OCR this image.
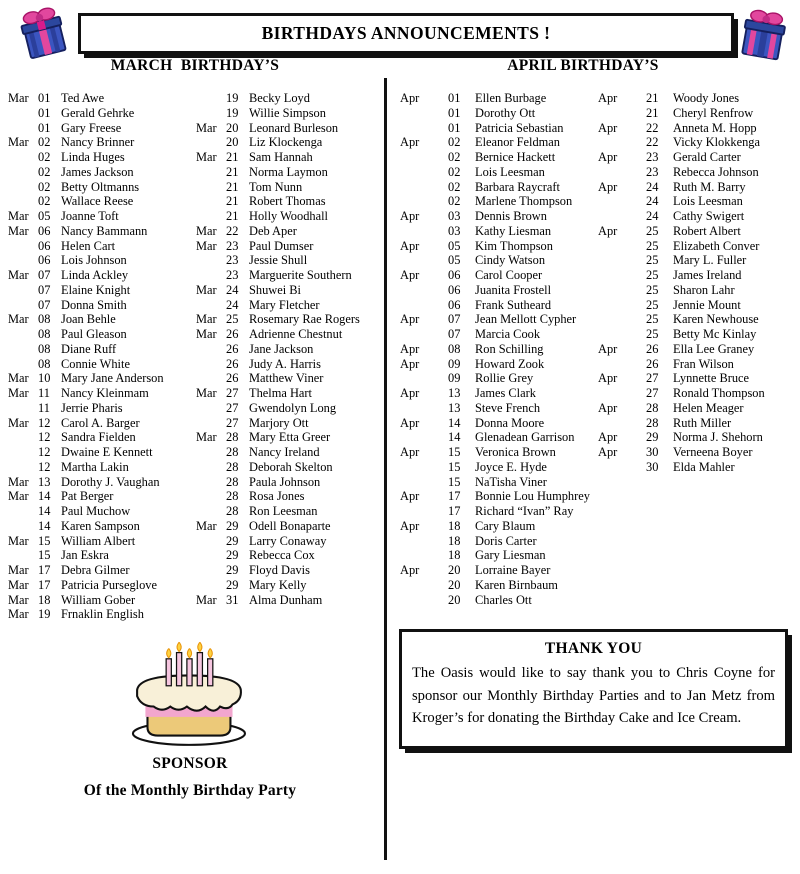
BIRTHDAYS ANNOUNCEMENTS !
MARCH  BIRTHDAY’S	APRIL BIRTHDAY’S
Mar 01 Ted Awe
01 Gerald Gehrke
01 Gary Freese
Mar 02 Nancy Brinner
02 Linda Huges
02 James Jackson
02 Betty Oltmanns
02 Wallace Reese
Mar 05 Joanne Toft
Mar 06 Nancy Bammann
06 Helen Cart
06 Lois Johnson
Mar 07 Linda Ackley
07 Elaine Knight
07 Donna Smith
Mar 08 Joan Behle
08 Paul Gleason
08 Diane Ruff
08 Connie White
Mar 10 Mary Jane Anderson
Mar 11 Nancy Kleinmam
11 Jerrie Pharis
Mar 12 Carol A. Barger
12 Sandra Fielden
12 Dwaine E Kennett
12 Martha Lakin
Mar 13 Dorothy J. Vaughan
Mar 14 Pat Berger
14 Paul Muchow
14 Karen Sampson
Mar 15 William Albert
15 Jan Eskra
Mar 17 Debra Gilmer
Mar 17 Patricia Purseglove
Mar 18 William Gober
Mar 19 Frnaklin English
19 Becky Loyd
19 Willie Simpson
Mar 20 Leonard Burleson
20 Liz Klockenga
Mar 21 Sam Hannah
21 Norma Laymon
21 Tom Nunn
21 Robert Thomas
21 Holly Woodhall
Mar 22 Deb Aper
Mar 23 Paul Dumser
23 Jessie Shull
23 Marguerite Southern
Mar 24 Shuwei Bi
24 Mary Fletcher
Mar 25 Rosemary Rae Rogers
Mar 26 Adrienne Chestnut
26 Jane Jackson
26 Judy A. Harris
26 Matthew Viner
Mar 27 Thelma Hart
27 Gwendolyn Long
27 Marjory Ott
Mar 28 Mary Etta Greer
28 Nancy Ireland
28 Deborah Skelton
28 Paula Johnson
28 Rosa Jones
28 Ron Leesman
Mar 29 Odell Bonaparte
29 Larry Conaway
29 Rebecca Cox
29 Floyd Davis
29 Mary Kelly
Mar 31 Alma Dunham
Apr	01	Ellen Burbage
01	Dorothy Ott
01	Patricia Sebastian
Apr	02	Eleanor Feldman
02	Bernice Hackett
02	Lois Leesman
02	Barbara Raycraft
02	Marlene Thompson
Apr	03	Dennis Brown
03	Kathy Liesman
Apr	05	Kim Thompson
05	Cindy Watson
Apr	06	Carol Cooper
06	Juanita Frostell
06	Frank Sutheard
Apr	07	Jean Mellott Cypher
07	Marcia Cook
Apr	08	Ron Schilling
Apr	09	Howard Zook
09	Rollie Grey
Apr	13	James Clark
13	Steve French
Apr	14	Donna Moore
14	Glenadean Garrison
Apr	15	Veronica Brown
15	Joyce E. Hyde
15	NaTisha Viner
Apr	17	Bonnie Lou Humphrey
17	Richard “Ivan” Ray
Apr	18	Cary Blaum
18	Doris Carter
18	Gary Liesman
Apr	20	Lorraine Bayer
20	Karen Birnbaum
20	Charles Ott
Apr	21	Woody Jones
21	Cheryl Renfrow
Apr	22	Anneta M. Hopp
22	Vicky Klokkenga
Apr	23	Gerald Carter
23	Rebecca Johnson
Apr	24	Ruth M. Barry
24	Lois Leesman
24	Cathy Swigert
Apr	25	Robert Albert
25	Elizabeth Conver
25	Mary L. Fuller
25	James Ireland
25	Sharon Lahr
25	Jennie Mount
25	Karen Newhouse
25	Betty Mc Kinlay
Apr	26	Ella Lee Graney
26	Fran Wilson
Apr	27	Lynnette Bruce
27	Ronald Thompson
Apr	28	Helen Meager
28	Ruth Miller
Apr	29	Norma J. Shehorn
Apr	30	Verneena Boyer
30	Elda Mahler
SPONSOR
Of the Monthly Birthday Party
THANK YOU
The Oasis would like to say thank you to Chris Coyne for sponsor our Monthly Birthday Parties and to Jan Metz from Kroger’s for donating the Birthday Cake and Ice Cream.
